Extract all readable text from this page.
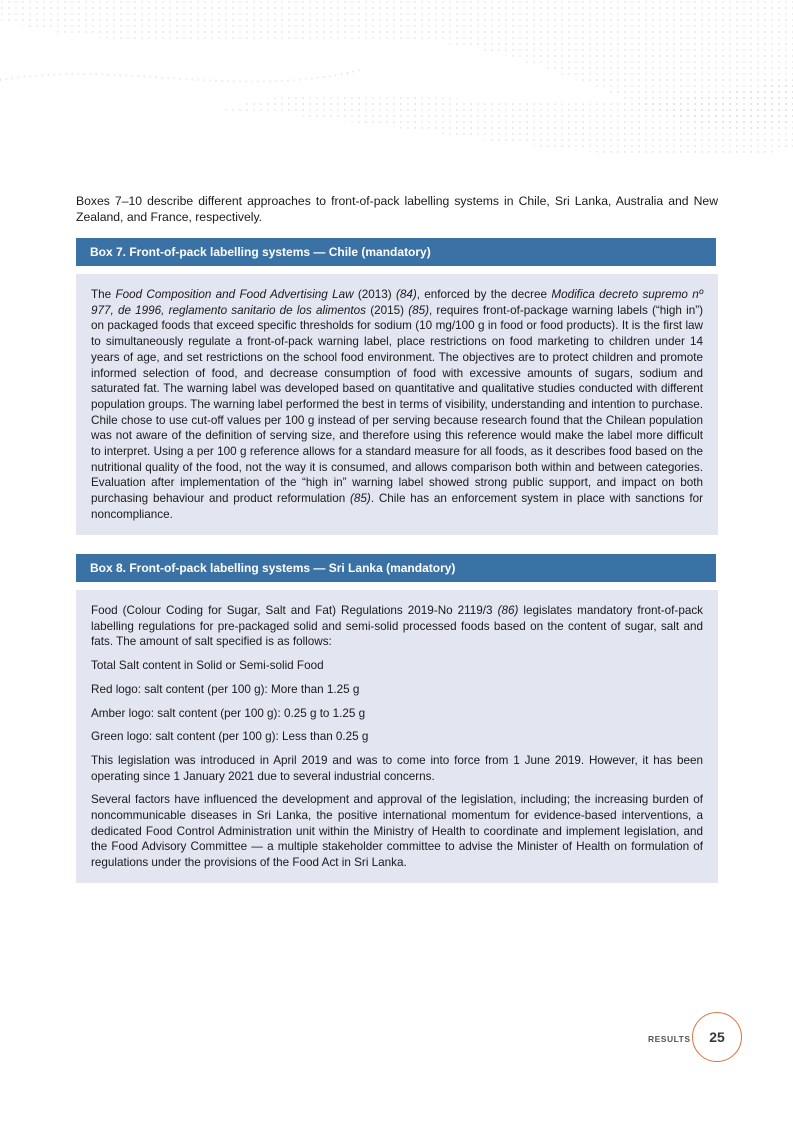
Boxes 7–10 describe different approaches to front-of-pack labelling systems in Chile, Sri Lanka, Australia and New Zealand, and France, respectively.

Box 7. Front-of-pack labelling systems — Chile (mandatory)

The Food Composition and Food Advertising Law (2013) (84), enforced by the decree Modifica decreto supremo nº 977, de 1996, reglamento sanitario de los alimentos (2015) (85), requires front-of-package warning labels (“high in”) on packaged foods that exceed specific thresholds for sodium (10 mg/100 g in food or food products). It is the first law to simultaneously regulate a front-of-pack warning label, place restrictions on food marketing to children under 14 years of age, and set restrictions on the school food environment. The objectives are to protect children and promote informed selection of food, and decrease consumption of food with excessive amounts of sugars, sodium and saturated fat. The warning label was developed based on quantitative and qualitative studies conducted with different population groups. The warning label performed the best in terms of visibility, understanding and intention to purchase. Chile chose to use cut-off values per 100 g instead of per serving because research found that the Chilean population was not aware of the definition of serving size, and therefore using this reference would make the label more difficult to interpret. Using a per 100 g reference allows for a standard measure for all foods, as it describes food based on the nutritional quality of the food, not the way it is consumed, and allows comparison both within and between categories. Evaluation after implementation of the “high in” warning label showed strong public support, and impact on both purchasing behaviour and product reformulation (85). Chile has an enforcement system in place with sanctions for noncompliance.

Box 8. Front-of-pack labelling systems — Sri Lanka (mandatory)

Food (Colour Coding for Sugar, Salt and Fat) Regulations 2019-No 2119/3 (86) legislates mandatory front-of-pack labelling regulations for pre-packaged solid and semi-solid processed foods based on the content of sugar, salt and fats. The amount of salt specified is as follows:

Total Salt content in Solid or Semi-solid Food

Red logo: salt content (per 100 g): More than 1.25 g

Amber logo: salt content (per 100 g): 0.25 g to 1.25 g

Green logo: salt content (per 100 g): Less than 0.25 g

This legislation was introduced in April 2019 and was to come into force from 1 June 2019. However, it has been operating since 1 January 2021 due to several industrial concerns.

Several factors have influenced the development and approval of the legislation, including; the increasing burden of noncommunicable diseases in Sri Lanka, the positive international momentum for evidence-based interventions, a dedicated Food Control Administration unit within the Ministry of Health to coordinate and implement legislation, and the Food Advisory Committee — a multiple stakeholder committee to advise the Minister of Health on formulation of regulations under the provisions of the Food Act in Sri Lanka.

RESULTS	25
